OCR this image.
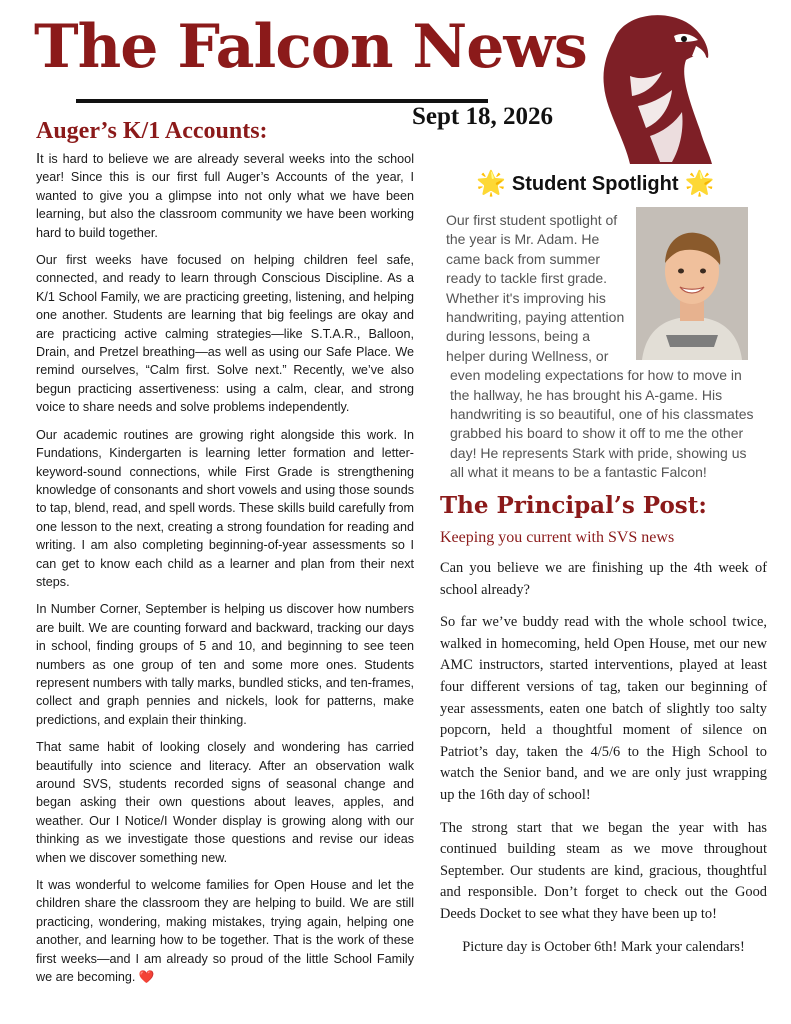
The Falcon News
Sept 18, 2026
Auger’s K/1 Accounts:

It is hard to believe we are already several weeks into the school year! Since this is our first full Auger’s Accounts of the year, I wanted to give you a glimpse into not only what we have been learning, but also the classroom community we have been working hard to build together.

Our first weeks have focused on helping children feel safe, connected, and ready to learn through Conscious Discipline. As a K/1 School Family, we are practicing greeting, listening, and helping one another. Students are learning that big feelings are okay and are practicing active calming strategies—like S.T.A.R., Balloon, Drain, and Pretzel breathing—as well as using our Safe Place. We remind ourselves, “Calm first. Solve next.” Recently, we’ve also begun practicing assertiveness: using a calm, clear, and strong voice to share needs and solve problems independently.

Our academic routines are growing right alongside this work. In Fundations, Kindergarten is learning letter formation and letter-keyword-sound connections, while First Grade is strengthening knowledge of consonants and short vowels and using those sounds to tap, blend, read, and spell words. These skills build carefully from one lesson to the next, creating a strong foundation for reading and writing. I am also completing beginning-of-year assessments so I can get to know each child as a learner and plan from their next steps.

In Number Corner, September is helping us discover how numbers are built. We are counting forward and backward, tracking our days in school, finding groups of 5 and 10, and beginning to see teen numbers as one group of ten and some more ones. Students represent numbers with tally marks, bundled sticks, and ten-frames, collect and graph pennies and nickels, look for patterns, make predictions, and explain their thinking.

That same habit of looking closely and wondering has carried beautifully into science and literacy. After an observation walk around SVS, students recorded signs of seasonal change and began asking their own questions about leaves, apples, and weather. Our I Notice/I Wonder display is growing along with our thinking as we investigate those questions and revise our ideas when we discover something new.

It was wonderful to welcome families for Open House and let the children share the classroom they are helping to build. We are still practicing, wondering, making mistakes, trying again, helping one another, and learning how to be together. That is the work of these first weeks—and I am already so proud of the little School Family we are becoming. ❤️

🌟 Student Spotlight 🌟
Our first student spotlight of the year is Mr. Adam. He came back from summer ready to tackle first grade. Whether it's improving his handwriting, paying attention during lessons, being a helper during Wellness, or
even modeling expectations for how to move in the hallway, he has brought his A-game. His handwriting is so beautiful, one of his classmates grabbed his board to show it off to me the other day! He represents Stark with pride, showing us all what it means to be a fantastic Falcon!
The Principal’s Post:
Keeping you current with SVS news

Can you believe we are finishing up the 4th week of school already?

So far we’ve buddy read with the whole school twice, walked in homecoming, held Open House, met our new AMC instructors, started interventions, played at least four different versions of tag, taken our beginning of year assessments, eaten one batch of slightly too salty popcorn, held a thoughtful moment of silence on Patriot’s day, taken the 4/5/6 to the High School to watch the Senior band, and we are only just wrapping up the 16th day of school!

The strong start that we began the year with has continued building steam as we move throughout September. Our students are kind, gracious, thoughtful and responsible. Don’t forget to check out the Good Deeds Docket to see what they have been up to!

Picture day is October 6th! Mark your calendars!
